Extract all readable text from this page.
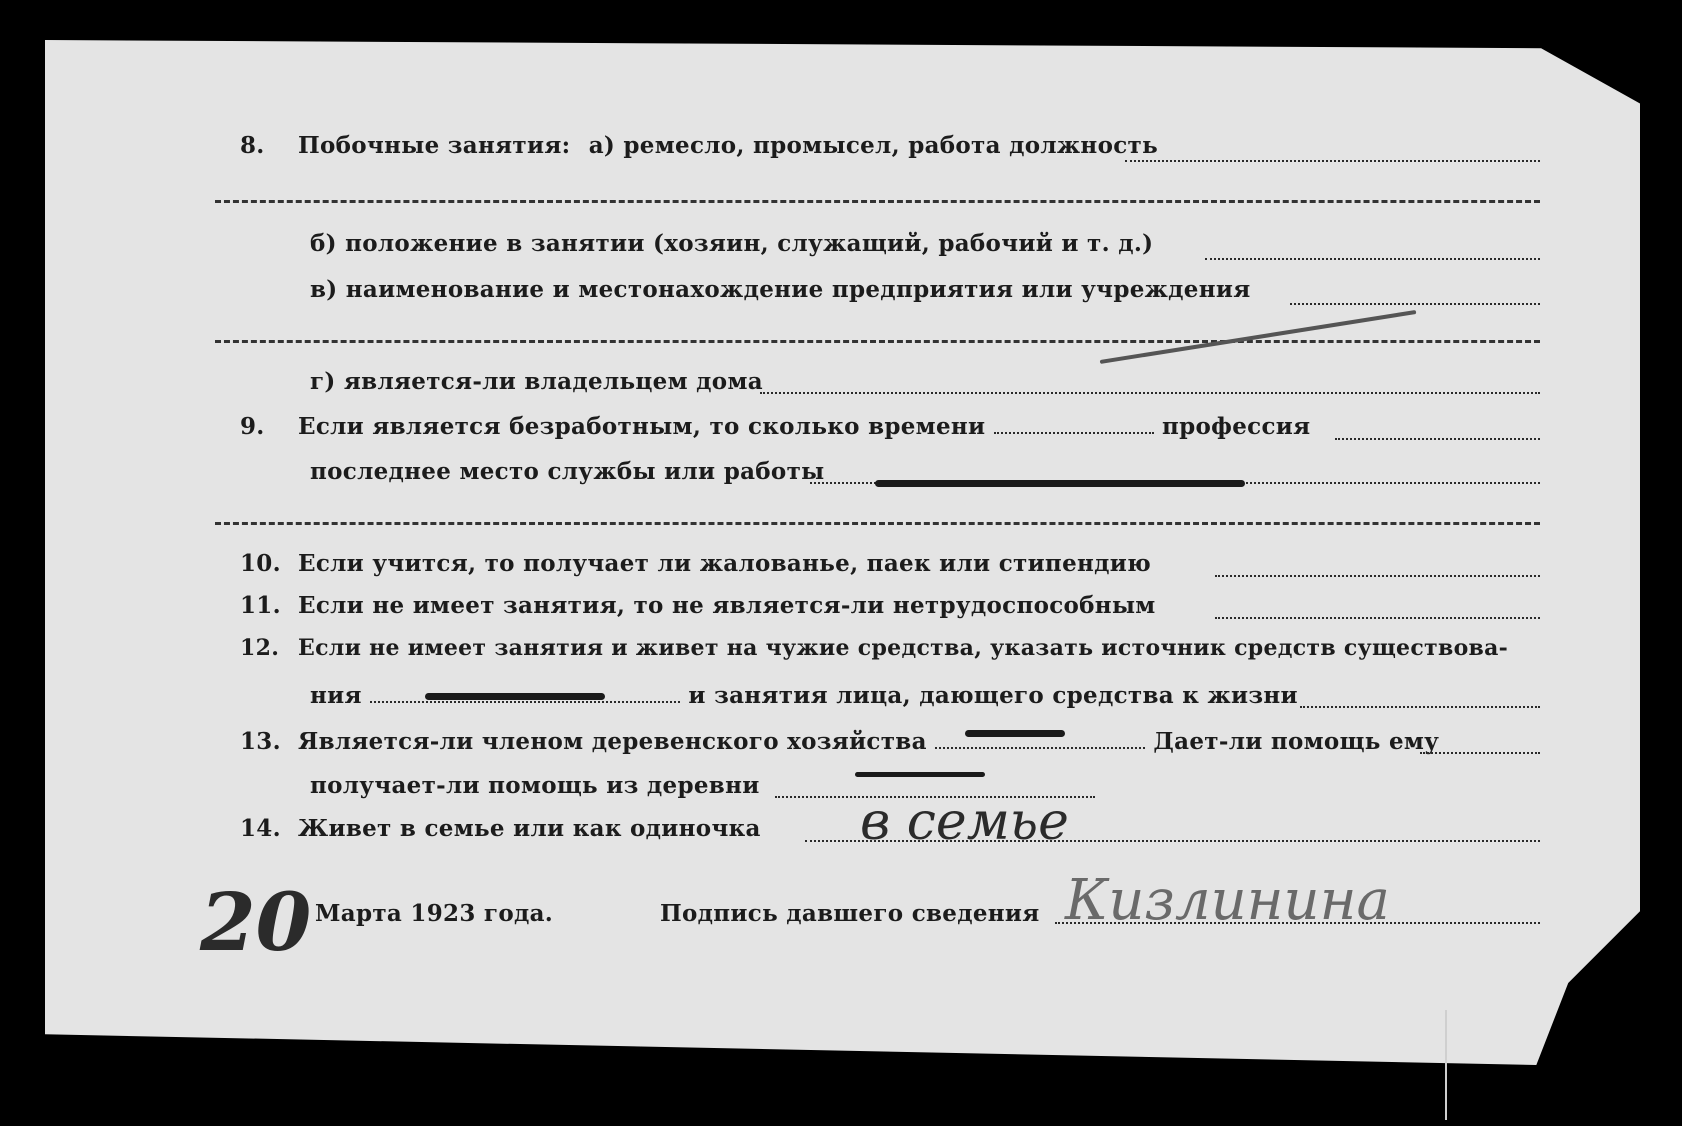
8. Побочные занятия: а) ремесло, промысел, работа должность
б) положение в занятии (хозяин, служащий, рабочий и т. д.)
в) наименование и местонахождение предприятия или учреждения
г) является-ли владельцем дома
9. Если является безработным, то сколько времени	профессия
последнее место службы или работы
10. Если учится, то получает ли жалованье, паек или стипендию
11. Если не имеет занятия, то не является-ли нетрудоспособным
12. Если не имеет занятия и живет на чужие средства, указать источник средств существова-
ния	и занятия лица, дающего средства к жизни
13. Является-ли членом деревенского хозяйства	Дает-ли помощь ему
получает-ли помощь из деревни
14. Живет в семье или как одиночка в семье
20 Марта 1923 года.	Подпись давшего сведения Кизлинина
